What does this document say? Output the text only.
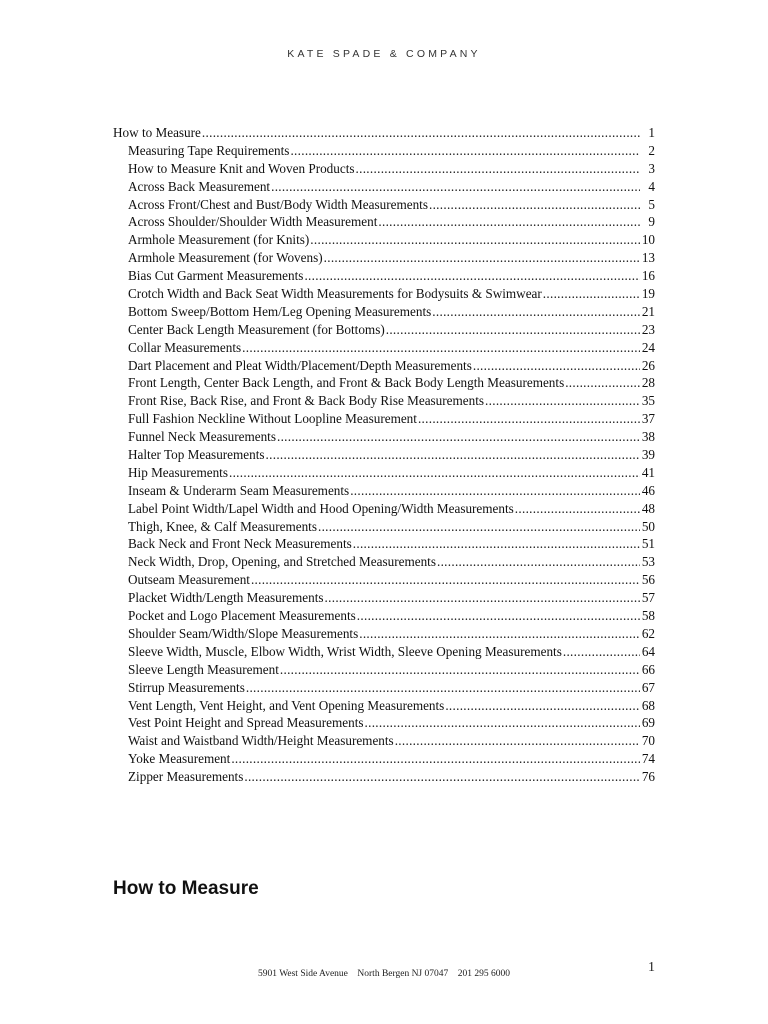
KATE SPADE & COMPANY
How to Measure .....	1
Measuring Tape Requirements .....	2
How to Measure Knit and Woven Products .....	3
Across Back Measurement .....	4
Across Front/Chest and Bust/Body Width Measurements .....	5
Across Shoulder/Shoulder Width Measurement .....	9
Armhole Measurement (for Knits) .....	10
Armhole Measurement (for Wovens) .....	13
Bias Cut Garment Measurements .....	16
Crotch Width and Back Seat Width Measurements for Bodysuits & Swimwear .....	19
Bottom Sweep/Bottom Hem/Leg Opening Measurements .....	21
Center Back Length Measurement (for Bottoms) .....	23
Collar Measurements .....	24
Dart Placement and Pleat Width/Placement/Depth Measurements .....	26
Front Length, Center Back Length, and Front & Back Body Length Measurements .....	28
Front Rise, Back Rise, and Front & Back Body Rise Measurements .....	35
Full Fashion Neckline Without Loopline Measurement .....	37
Funnel Neck Measurements .....	38
Halter Top Measurements .....	39
Hip Measurements .....	41
Inseam & Underarm Seam Measurements .....	46
Label Point Width/Lapel Width and Hood Opening/Width Measurements .....	48
Thigh, Knee, & Calf Measurements .....	50
Back Neck and Front Neck Measurements .....	51
Neck Width, Drop, Opening, and Stretched Measurements .....	53
Outseam Measurement .....	56
Placket Width/Length Measurements .....	57
Pocket and Logo Placement Measurements .....	58
Shoulder Seam/Width/Slope Measurements .....	62
Sleeve Width, Muscle, Elbow Width, Wrist Width, Sleeve Opening Measurements .....	64
Sleeve Length Measurement .....	66
Stirrup Measurements .....	67
Vent Length, Vent Height, and Vent Opening Measurements .....	68
Vest Point Height and Spread Measurements .....	69
Waist and Waistband Width/Height Measurements .....	70
Yoke Measurement .....	74
Zipper Measurements .....	76
How to Measure
5901 West Side Avenue    North Bergen NJ 07047    201 295 6000	1
